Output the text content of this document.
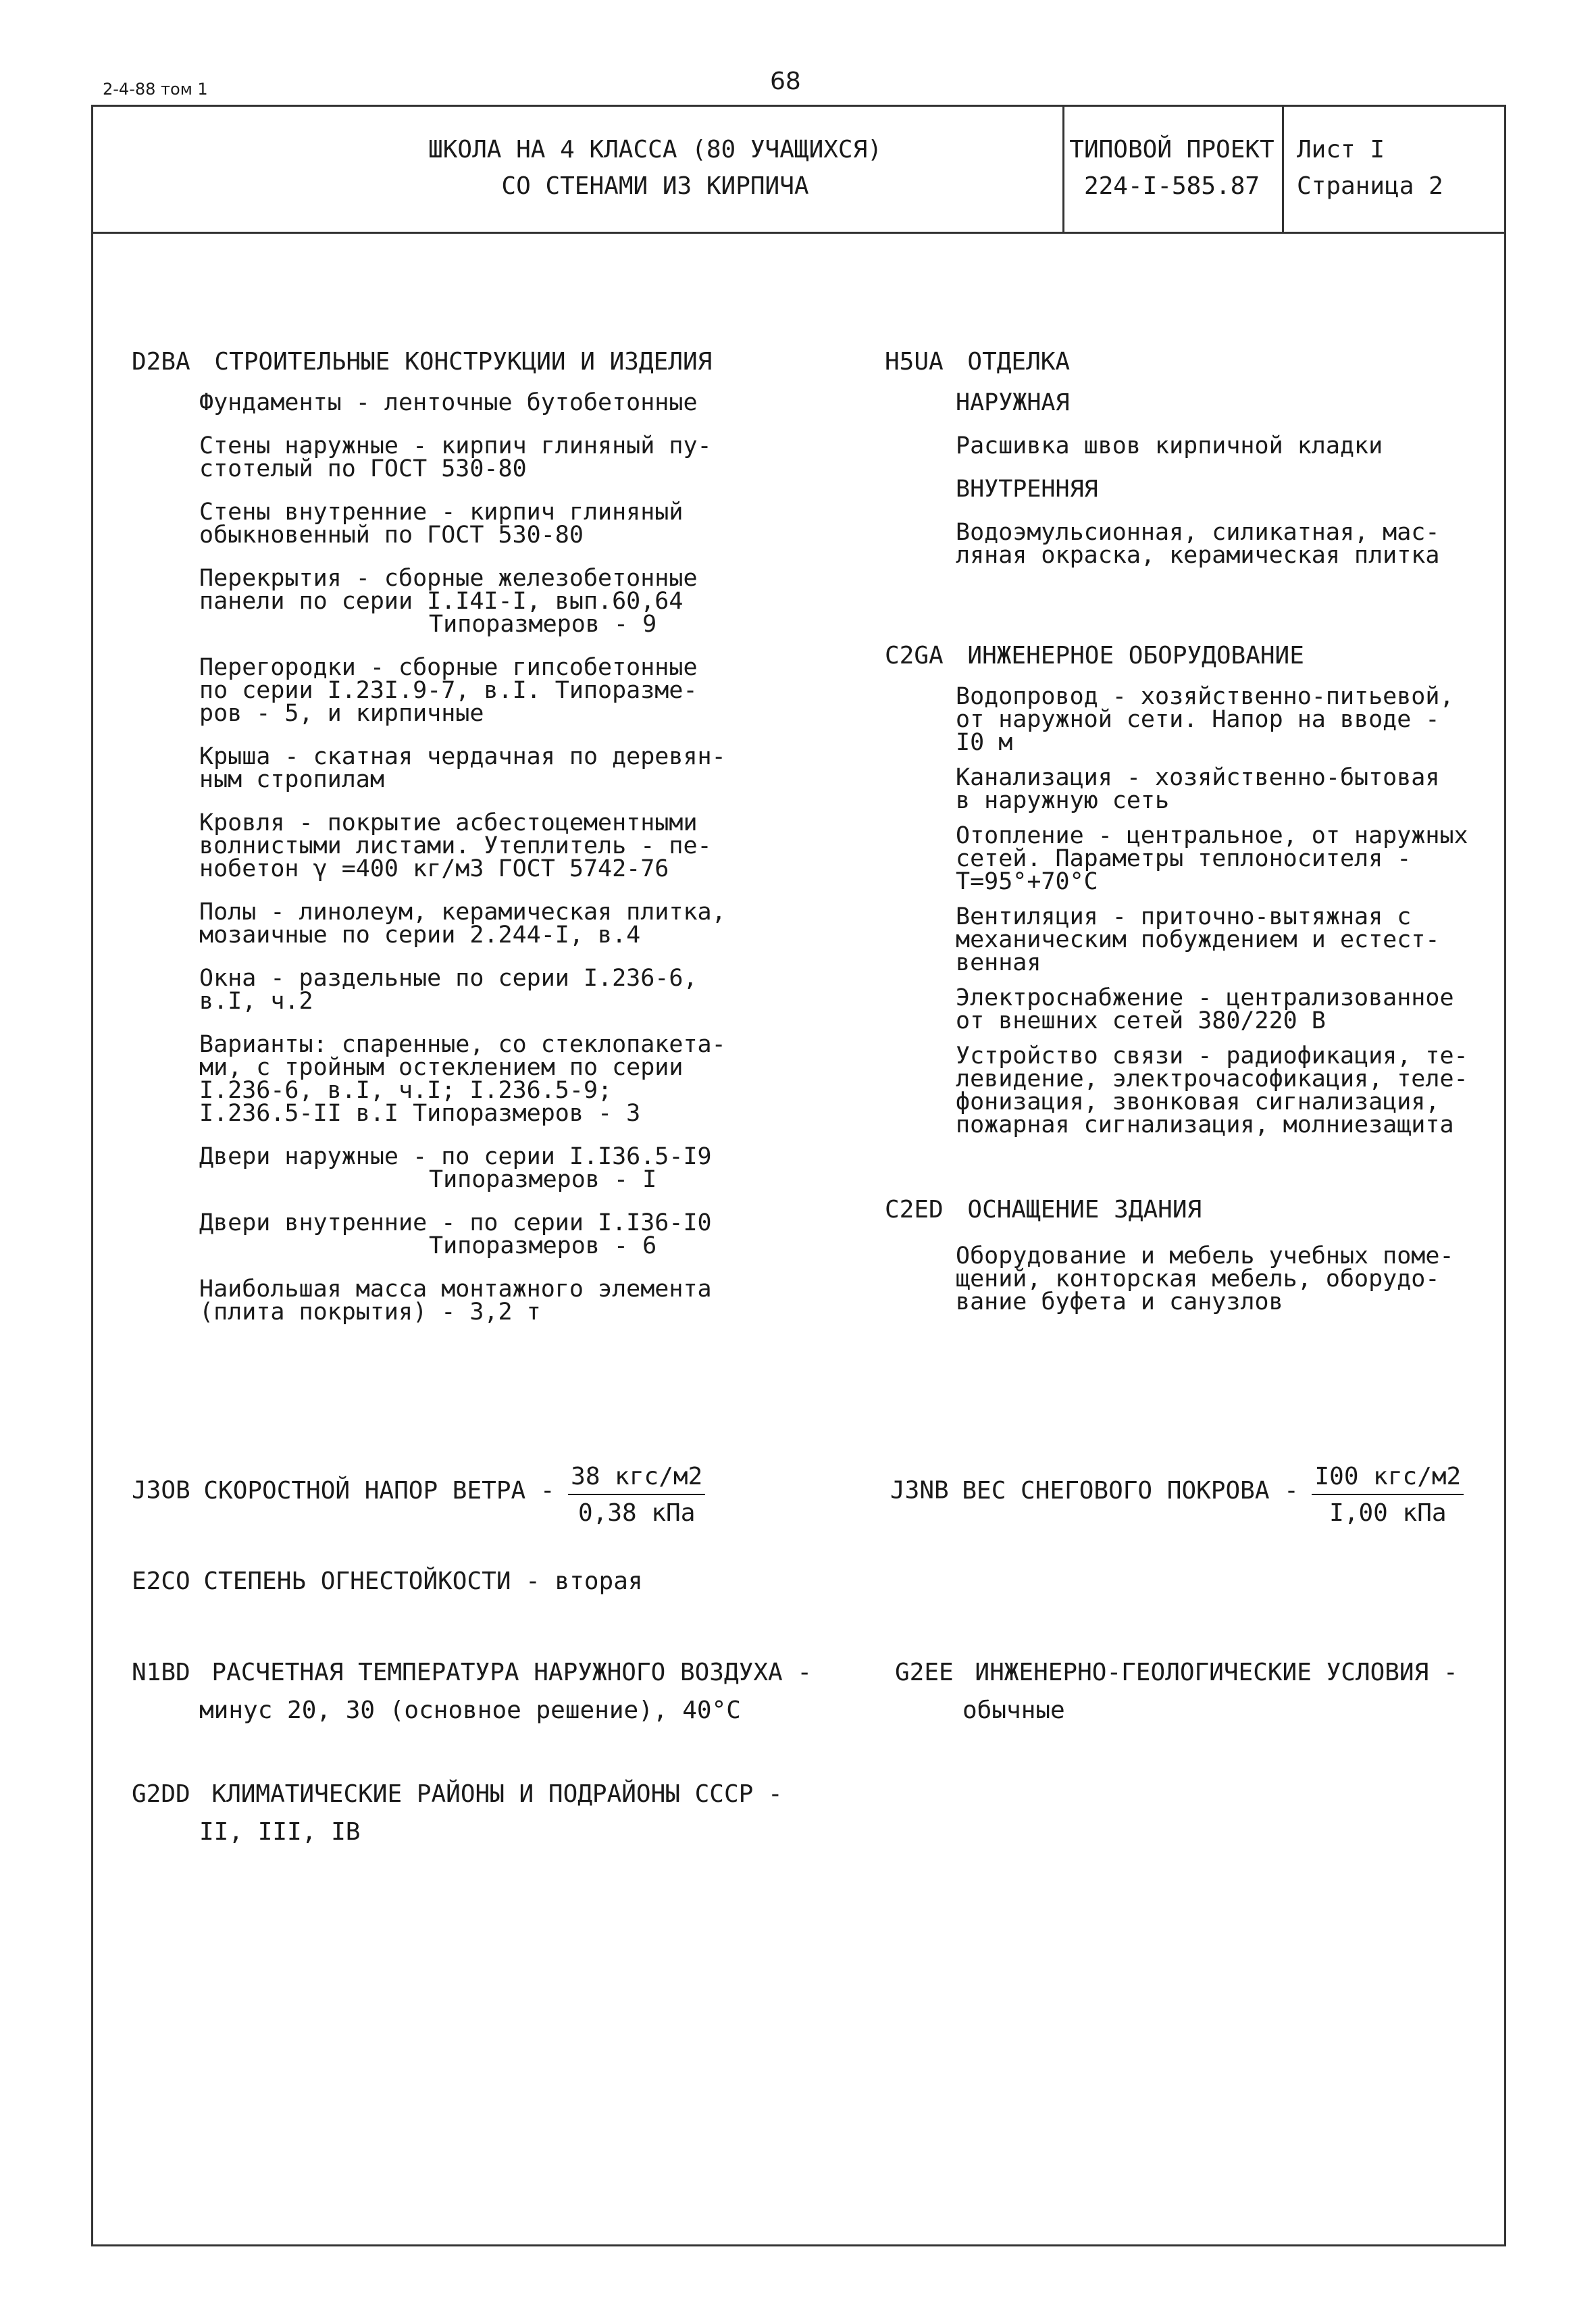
2-4-88 том 1	68
ШКОЛА НА 4 КЛАССА (80 УЧАЩИХСЯ)
СО СТЕНАМИ ИЗ КИРПИЧА
ТИПОВОЙ ПРОЕКТ
224-I-585.87
Лист I
Страница 2
D2BA СТРОИТЕЛЬНЫЕ КОНСТРУКЦИИ И ИЗДЕЛИЯ
Фундаменты - ленточные бутобетонные
Стены наружные - кирпич глиняный пу-
стотелый по ГОСТ 530-80
Стены внутренние - кирпич глиняный
обыкновенный по ГОСТ 530-80
Перекрытия - сборные железобетонные
панели по серии I.I4I-I, вып.60,64
Типоразмеров - 9
Перегородки - сборные гипсобетонные
по серии I.23I.9-7, в.I. Типоразме-
ров - 5, и кирпичные
Крыша - скатная чердачная по деревян-
ным стропилам
Кровля - покрытие асбестоцементными
волнистыми листами. Утеплитель - пе-
нобетон γ =400 кг/м3 ГОСТ 5742-76
Полы - линолеум, керамическая плитка,
мозаичные по серии 2.244-I, в.4
Окна - раздельные по серии I.236-6,
в.I, ч.2
Варианты: спаренные, со стеклопакета-
ми, с тройным остеклением по серии
I.236-6, в.I, ч.I; I.236.5-9;
I.236.5-II в.I Типоразмеров - 3
Двери наружные - по серии I.I36.5-I9
Типоразмеров - I
Двери внутренние - по серии I.I36-I0
Типоразмеров - 6
Наибольшая масса монтажного элемента
(плита покрытия) - 3,2 т
H5UA ОТДЕЛКА
НАРУЖНАЯ
Расшивка швов кирпичной кладки
ВНУТРЕННЯЯ
Водоэмульсионная, силикатная, мас-
ляная окраска, керамическая плитка
C2GA ИНЖЕНЕРНОЕ ОБОРУДОВАНИЕ
Водопровод - хозяйственно-питьевой,
от наружной сети. Напор на вводе -
I0 м
Канализация - хозяйственно-бытовая
в наружную сеть
Отопление - центральное, от наружных
сетей. Параметры теплоносителя -
Т=95°+70°С
Вентиляция - приточно-вытяжная с
механическим побуждением и естест-
венная
Электроснабжение - централизованное
от внешних сетей 380/220 В
Устройство связи - радиофикация, те-
левидение, электрочасофикация, теле-
фонизация, звонковая сигнализация,
пожарная сигнализация, молниезащита
C2ED ОСНАЩЕНИЕ ЗДАНИЯ
Оборудование и мебель учебных поме-
щений, конторская мебель, оборудо-
вание буфета и санузлов
J3OB СКОРОСТНОЙ НАПОР ВЕТРА - $\frac{\text{38 кгс/м2}}{\text{0,38 кПа}}$	J3NB ВЕС СНЕГОВОГО ПОКРОВА - $\frac{\text{I00 кгс/м2}}{\text{I,00 кПа}}$
E2CO СТЕПЕНЬ ОГНЕСТОЙКОСТИ - вторая
N1BD РАСЧЕТНАЯ ТЕМПЕРАТУРА НАРУЖНОГО ВОЗДУХА -
минус 20, 30 (основное решение), 40°С
G2EE ИНЖЕНЕРНО-ГЕОЛОГИЧЕСКИЕ УСЛОВИЯ -
обычные
G2DD КЛИМАТИЧЕСКИЕ РАЙОНЫ И ПОДРАЙОНЫ СССР -
II, III, IВ
